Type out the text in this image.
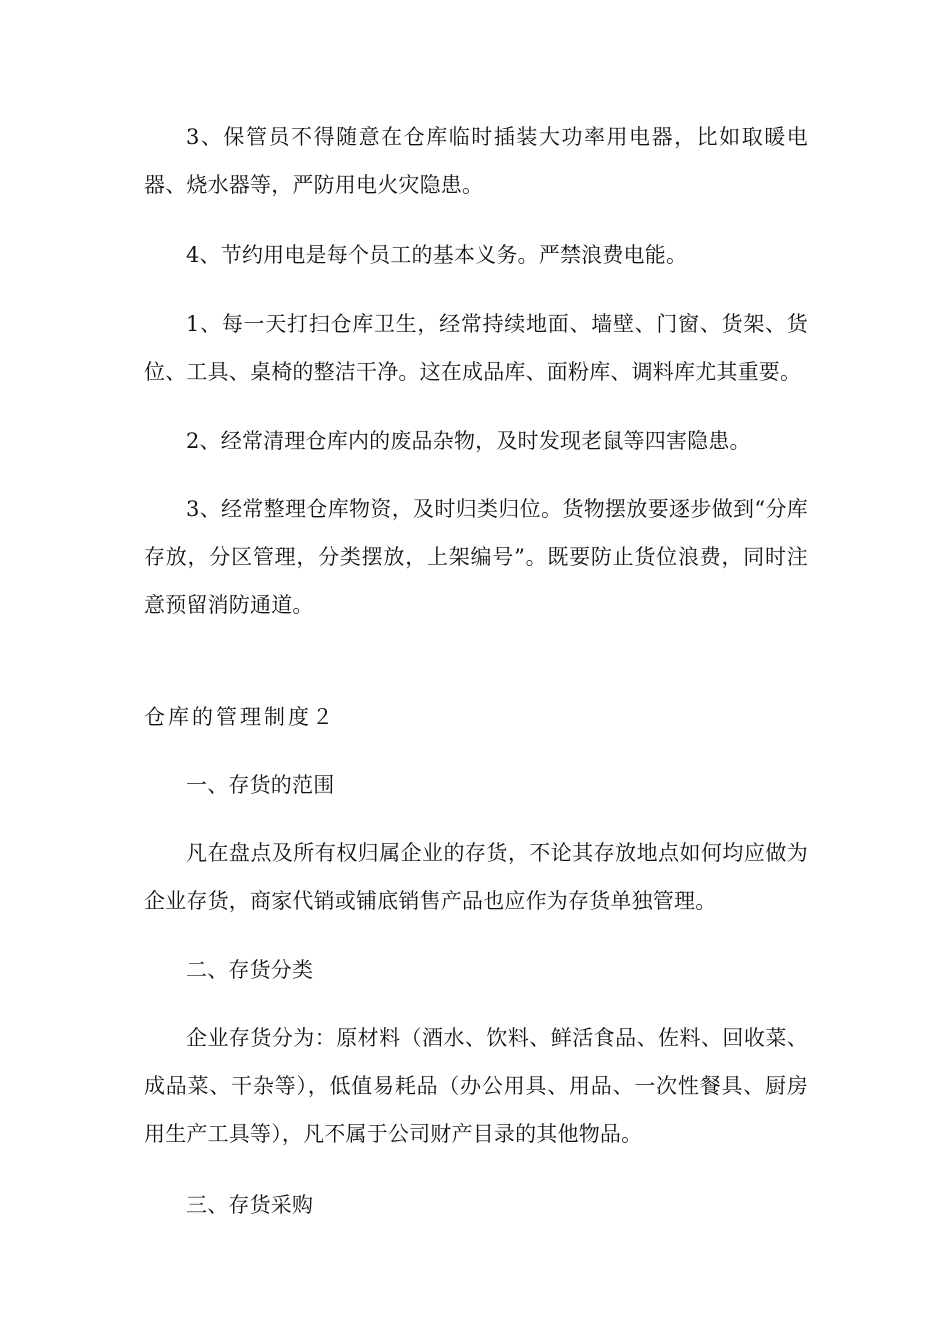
3、保管员不得随意在仓库临时插装大功率用电器，比如取暖电器、烧水器等，严防用电火灾隐患。

4、节约用电是每个员工的基本义务。严禁浪费电能。

1、每一天打扫仓库卫生，经常持续地面、墙壁、门窗、货架、货位、工具、桌椅的整洁干净。这在成品库、面粉库、调料库尤其重要。

2、经常清理仓库内的废品杂物，及时发现老鼠等四害隐患。

3、经常整理仓库物资，及时归类归位。货物摆放要逐步做到“分库存放，分区管理，分类摆放，上架编号”。既要防止货位浪费，同时注意预留消防通道。

仓库的管理制度２

一、存货的范围

凡在盘点及所有权归属企业的存货，不论其存放地点如何均应做为企业存货，商家代销或铺底销售产品也应作为存货单独管理。

二、存货分类

企业存货分为：原材料（酒水、饮料、鲜活食品、佐料、回收菜、成品菜、干杂等），低值易耗品（办公用具、用品、一次性餐具、厨房用生产工具等），凡不属于公司财产目录的其他物品。

三、存货采购
